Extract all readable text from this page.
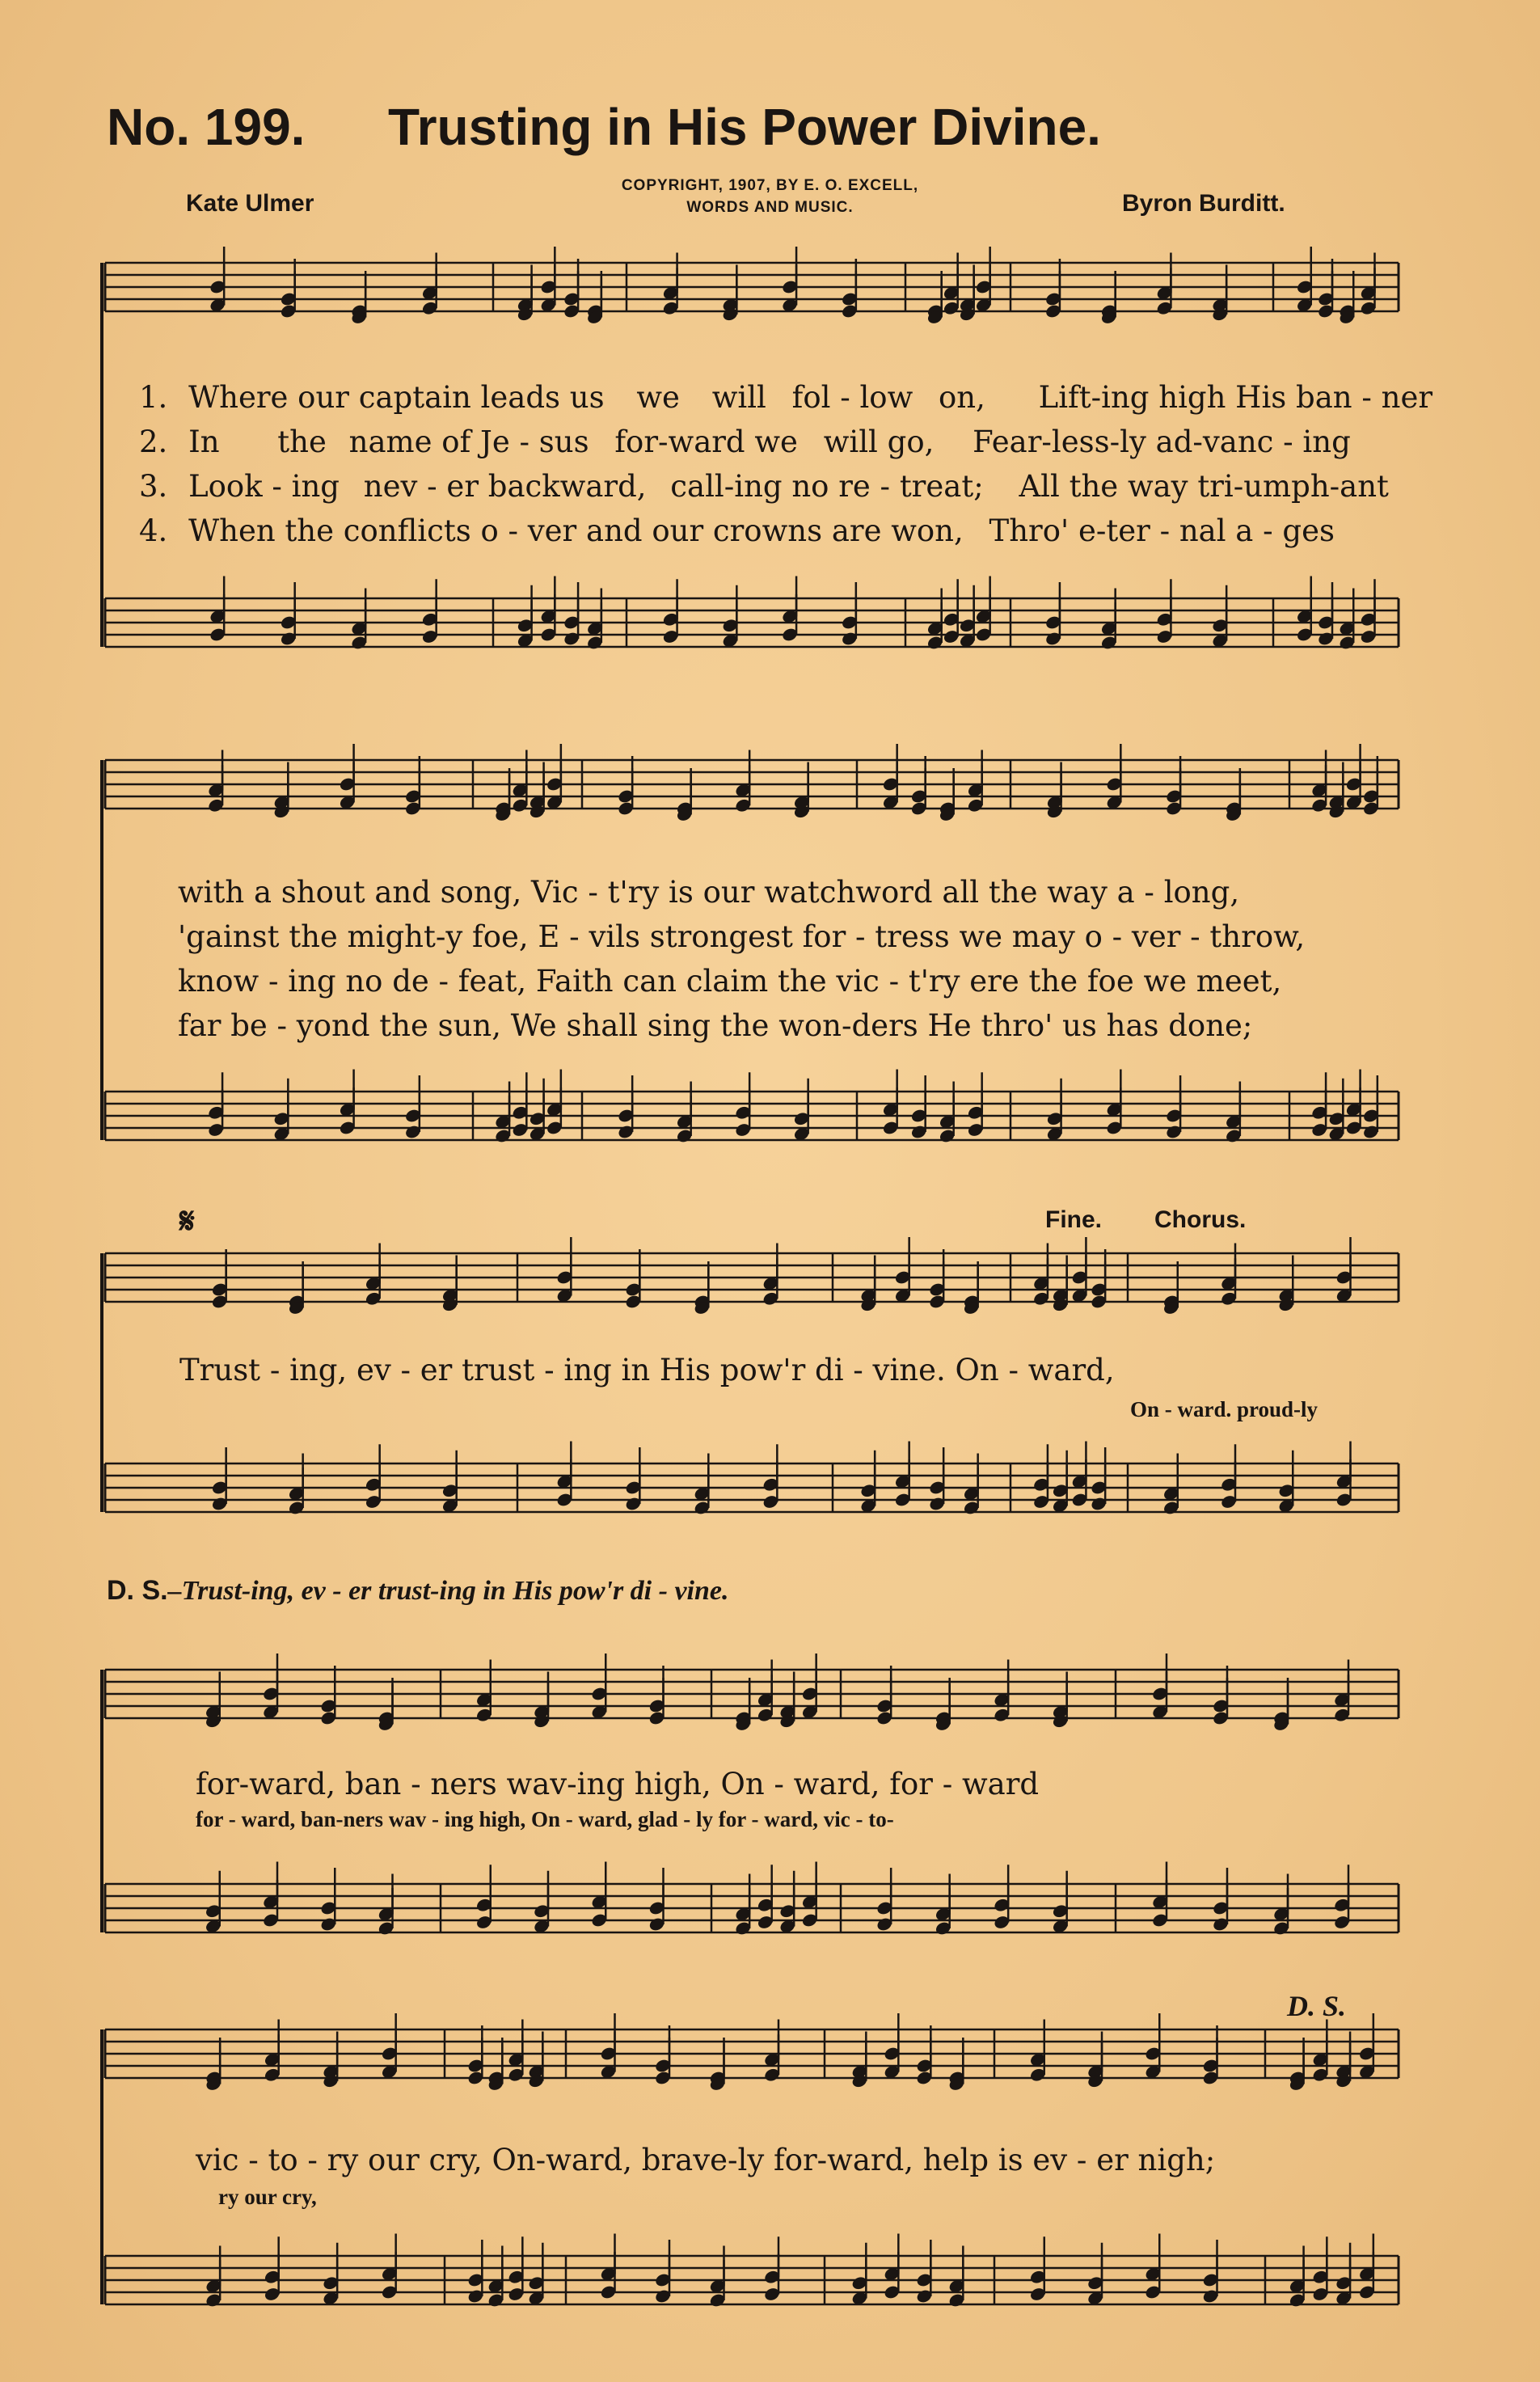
No. 199. Trusting in His Power Divine.
Kate Ulmer
COPYRIGHT, 1907, BY E. O. EXCELL,
WORDS AND MUSIC.	Byron Burditt.
1. Where our captain leads us we will fol - low on, Lift-ing high His ban - ner
2. In the name of Je - sus for-ward we will go, Fear-less-ly ad-vanc - ing
3. Look - ing nev - er backward, call-ing no re - treat; All the way tri-umph-ant
4. When the conflicts o - ver and our crowns are won, Thro' e-ter - nal a - ges
with a shout and song, Vic - t'ry is our watchword all the way a - long,
'gainst the might-y foe, E - vils strongest for - tress we may o - ver - throw,
know - ing no de - feat, Faith can claim the vic - t'ry ere the foe we meet,
far be - yond the sun, We shall sing the won-ders He thro' us has done;
𝄋	Fine. Chorus.
Trust - ing, ev - er trust - ing in His pow'r di - vine. On - ward,
On - ward. proud-ly
D. S.–Trust-ing, ev - er trust-ing in His pow'r di - vine.
for-ward, ban - ners wav-ing high, On - ward, for - ward
for - ward, ban-ners wav - ing high, On - ward, glad - ly for - ward, vic - to-
D. S.
vic - to - ry our cry, On-ward, brave-ly for-ward, help is ev - er nigh;
ry our cry,
